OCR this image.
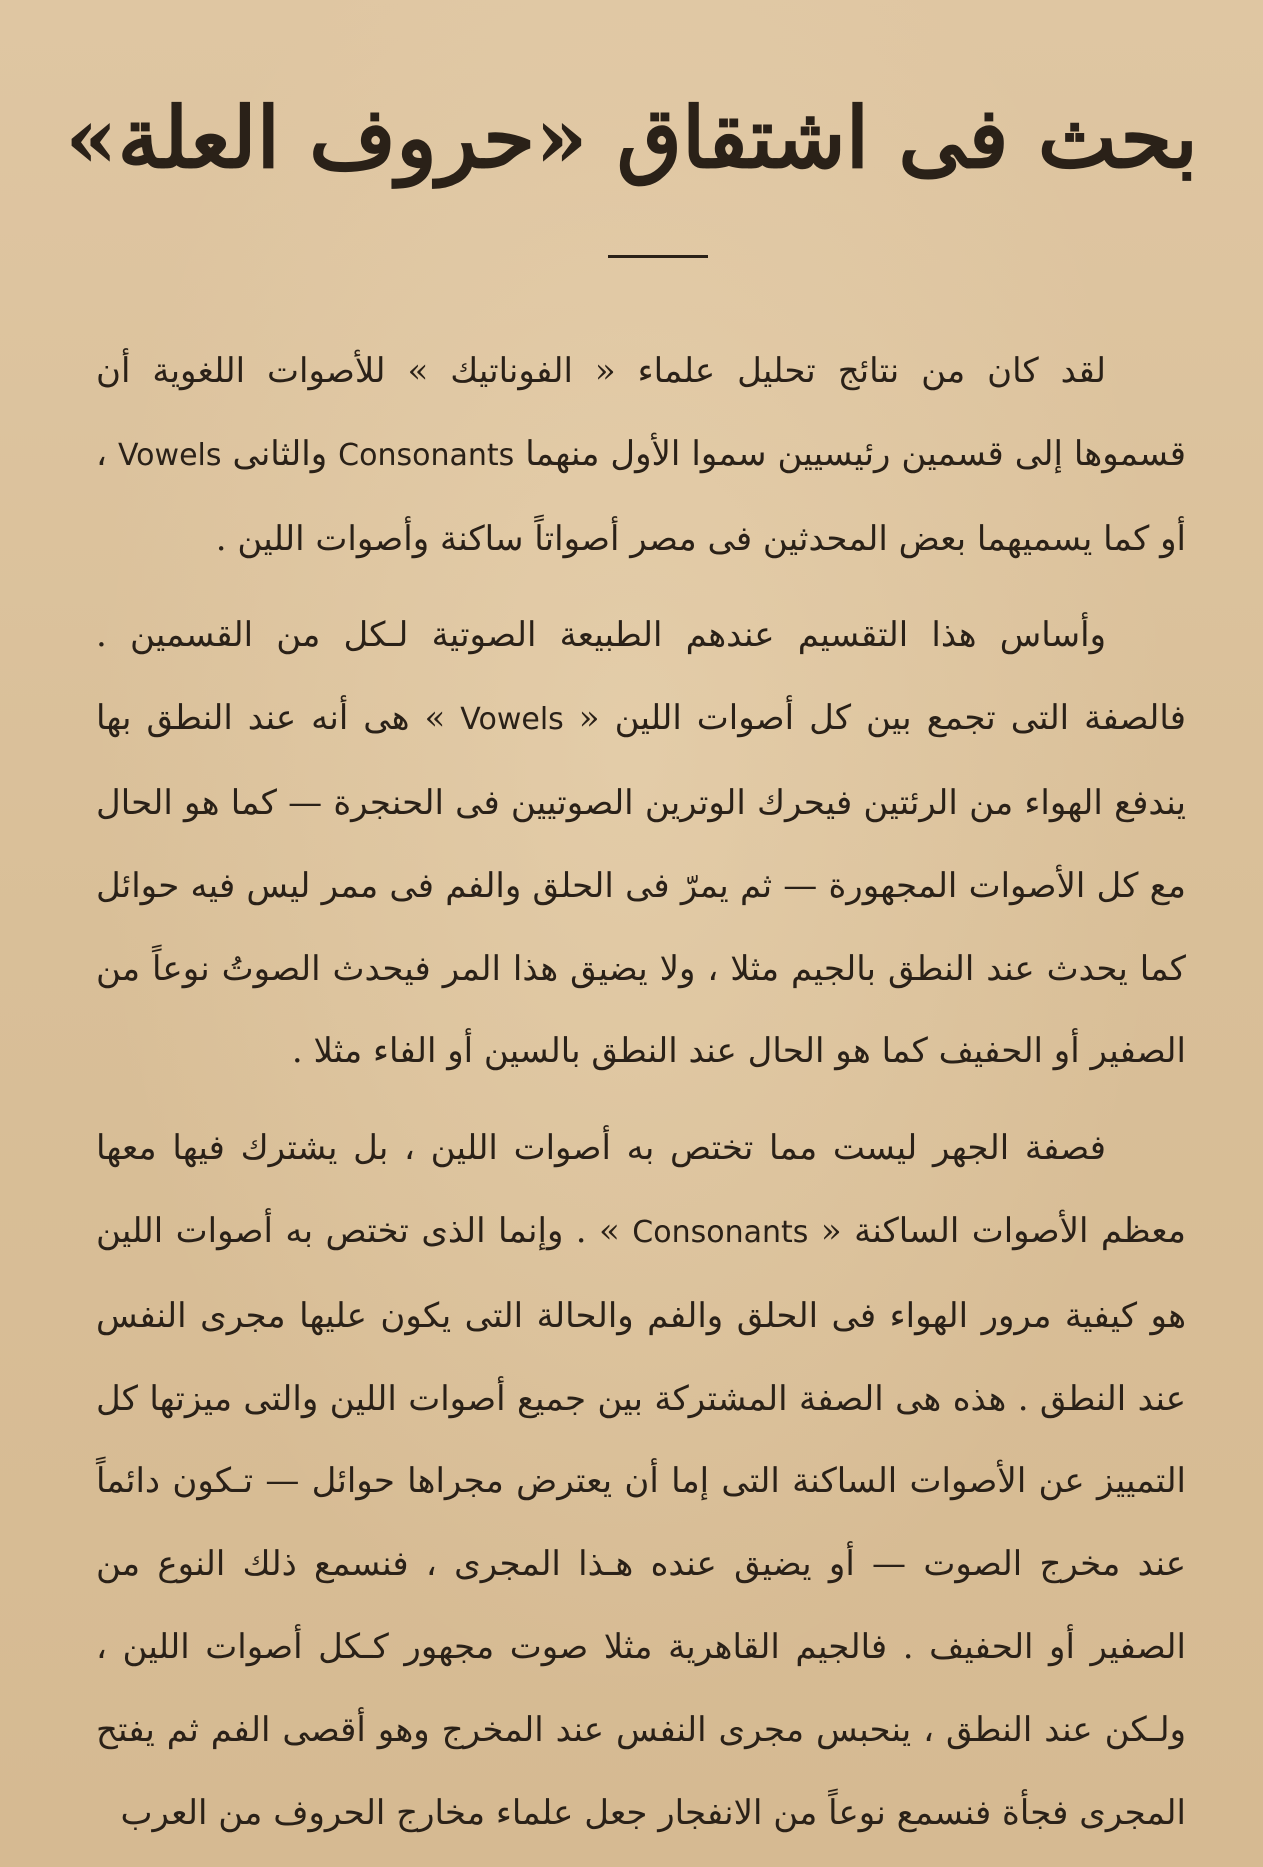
بحث فى اشتقاق «حروف العلة»

لقد كان من نتائج تحليل علماء « الفوناتيك » للأصوات اللغوية أن قسموها إلى قسمين رئيسيين سموا الأول منهما Consonants والثانى Vowels ، أو كما يسميهما بعض المحدثين فى مصر أصواتاً ساكنة وأصوات اللين .

وأساس هذا التقسيم عندهم الطبيعة الصوتية لـكل من القسمين . فالصفة التى تجمع بين كل أصوات اللين « Vowels » هى أنه عند النطق بها يندفع الهواء من الرئتين فيحرك الوترين الصوتيين فى الحنجرة — كما هو الحال مع كل الأصوات المجهورة — ثم يمرّ فى الحلق والفم فى ممر ليس فيه حوائل كما يحدث عند النطق بالجيم مثلا ، ولا يضيق هذا المر فيحدث الصوتُ نوعاً من الصفير أو الحفيف كما هو الحال عند النطق بالسين أو الفاء مثلا .

فصفة الجهر ليست مما تختص به أصوات اللين ، بل يشترك فيها معها معظم الأصوات الساكنة « Consonants » . وإنما الذى تختص به أصوات اللين هو كيفية مرور الهواء فى الحلق والفم والحالة التى يكون عليها مجرى النفس عند النطق . هذه هى الصفة المشتركة بين جميع أصوات اللين والتى ميزتها كل التمييز عن الأصوات الساكنة التى إما أن يعترض مجراها حوائل — تـكون دائماً عند مخرج الصوت — أو يضيق عنده هـذا المجرى ، فنسمع ذلك النوع من الصفير أو الحفيف . فالجيم القاهرية مثلا صوت مجهور كـكل أصوات اللين ، ولـكن عند النطق ، ينحبس مجرى النفس عند المخرج وهو أقصى الفم ثم يفتح المجرى فجأة فنسمع نوعاً من الانفجار جعل علماء مخارج الحروف من العرب
